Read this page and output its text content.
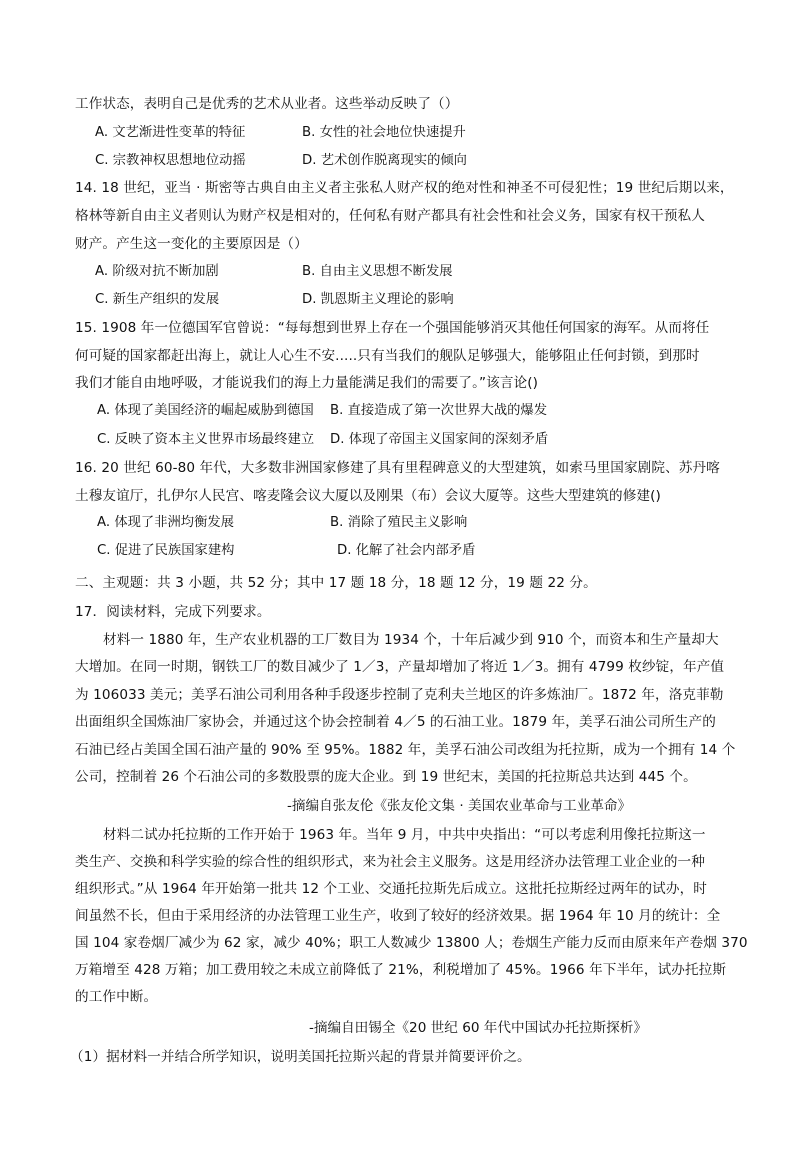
工作状态，表明自己是优秀的艺术从业者。这些举动反映了（）
A. 文艺渐进性变革的特征	B. 女性的社会地位快速提升
C. 宗教神权思想地位动摇	D. 艺术创作脱离现实的倾向
14. 18 世纪，亚当 · 斯密等古典自由主义者主张私人财产权的绝对性和神圣不可侵犯性；19 世纪后期以来，
格林等新自由主义者则认为财产权是相对的，任何私有财产都具有社会性和社会义务，国家有权干预私人
财产。产生这一变化的主要原因是（）
A. 阶级对抗不断加剧	B. 自由主义思想不断发展
C. 新生产组织的发展	D. 凯恩斯主义理论的影响
15. 1908 年一位德国军官曾说：“每每想到世界上存在一个强国能够消灭其他任何国家的海军。从而将任
何可疑的国家都赶出海上，就让人心生不安.....只有当我们的舰队足够强大，能够阻止任何封锁，到那时
我们才能自由地呼吸，才能说我们的海上力量能满足我们的需要了。”该言论()
A. 体现了美国经济的崛起威胁到德国 B. 直接造成了第一次世界大战的爆发
C. 反映了资本主义世界市场最终建立 D. 体现了帝国主义国家间的深刻矛盾
16. 20 世纪 60-80 年代，大多数非洲国家修建了具有里程碑意义的大型建筑，如索马里国家剧院、苏丹喀
土穆友谊厅，扎伊尔人民宫、喀麦隆会议大厦以及刚果（布）会议大厦等。这些大型建筑的修建()
A. 体现了非洲均衡发展	B. 消除了殖民主义影响
C. 促进了民族国家建构	D. 化解了社会内部矛盾
二、主观题：共 3 小题，共 52 分；其中 17 题 18 分，18 题 12 分，19 题 22 分。
17．阅读材料，完成下列要求。
材料一 1880 年，生产农业机器的工厂数目为 1934 个，十年后减少到 910 个，而资本和生产量却大
大增加。在同一时期，钢铁工厂的数目减少了 1／3，产量却增加了将近 1／3。拥有 4799 枚纱锭，年产值
为 106033 美元；美孚石油公司利用各种手段逐步控制了克利夫兰地区的许多炼油厂。1872 年，洛克菲勒
出面组织全国炼油厂家协会，并通过这个协会控制着 4／5 的石油工业。1879 年，美孚石油公司所生产的
石油已经占美国全国石油产量的 90% 至 95%。1882 年，美孚石油公司改组为托拉斯，成为一个拥有 14 个
公司，控制着 26 个石油公司的多数股票的庞大企业。到 19 世纪末，美国的托拉斯总共达到 445 个。
-摘编自张友伦《张友伦文集 · 美国农业革命与工业革命》
材料二试办托拉斯的工作开始于 1963 年。当年 9 月，中共中央指出：“可以考虑利用像托拉斯这一
类生产、交换和科学实验的综合性的组织形式，来为社会主义服务。这是用经济办法管理工业企业的一种
组织形式。”从 1964 年开始第一批共 12 个工业、交通托拉斯先后成立。这批托拉斯经过两年的试办，时
间虽然不长，但由于采用经济的办法管理工业生产，收到了较好的经济效果。据 1964 年 10 月的统计：全
国 104 家卷烟厂减少为 62 家，减少 40%；职工人数减少 13800 人；卷烟生产能力反而由原来年产卷烟 370
万箱增至 428 万箱；加工费用较之未成立前降低了 21%，利税增加了 45%。1966 年下半年，试办托拉斯
的工作中断。
-摘编自田锡全《20 世纪 60 年代中国试办托拉斯探析》
（1）据材料一并结合所学知识，说明美国托拉斯兴起的背景并简要评价之。
